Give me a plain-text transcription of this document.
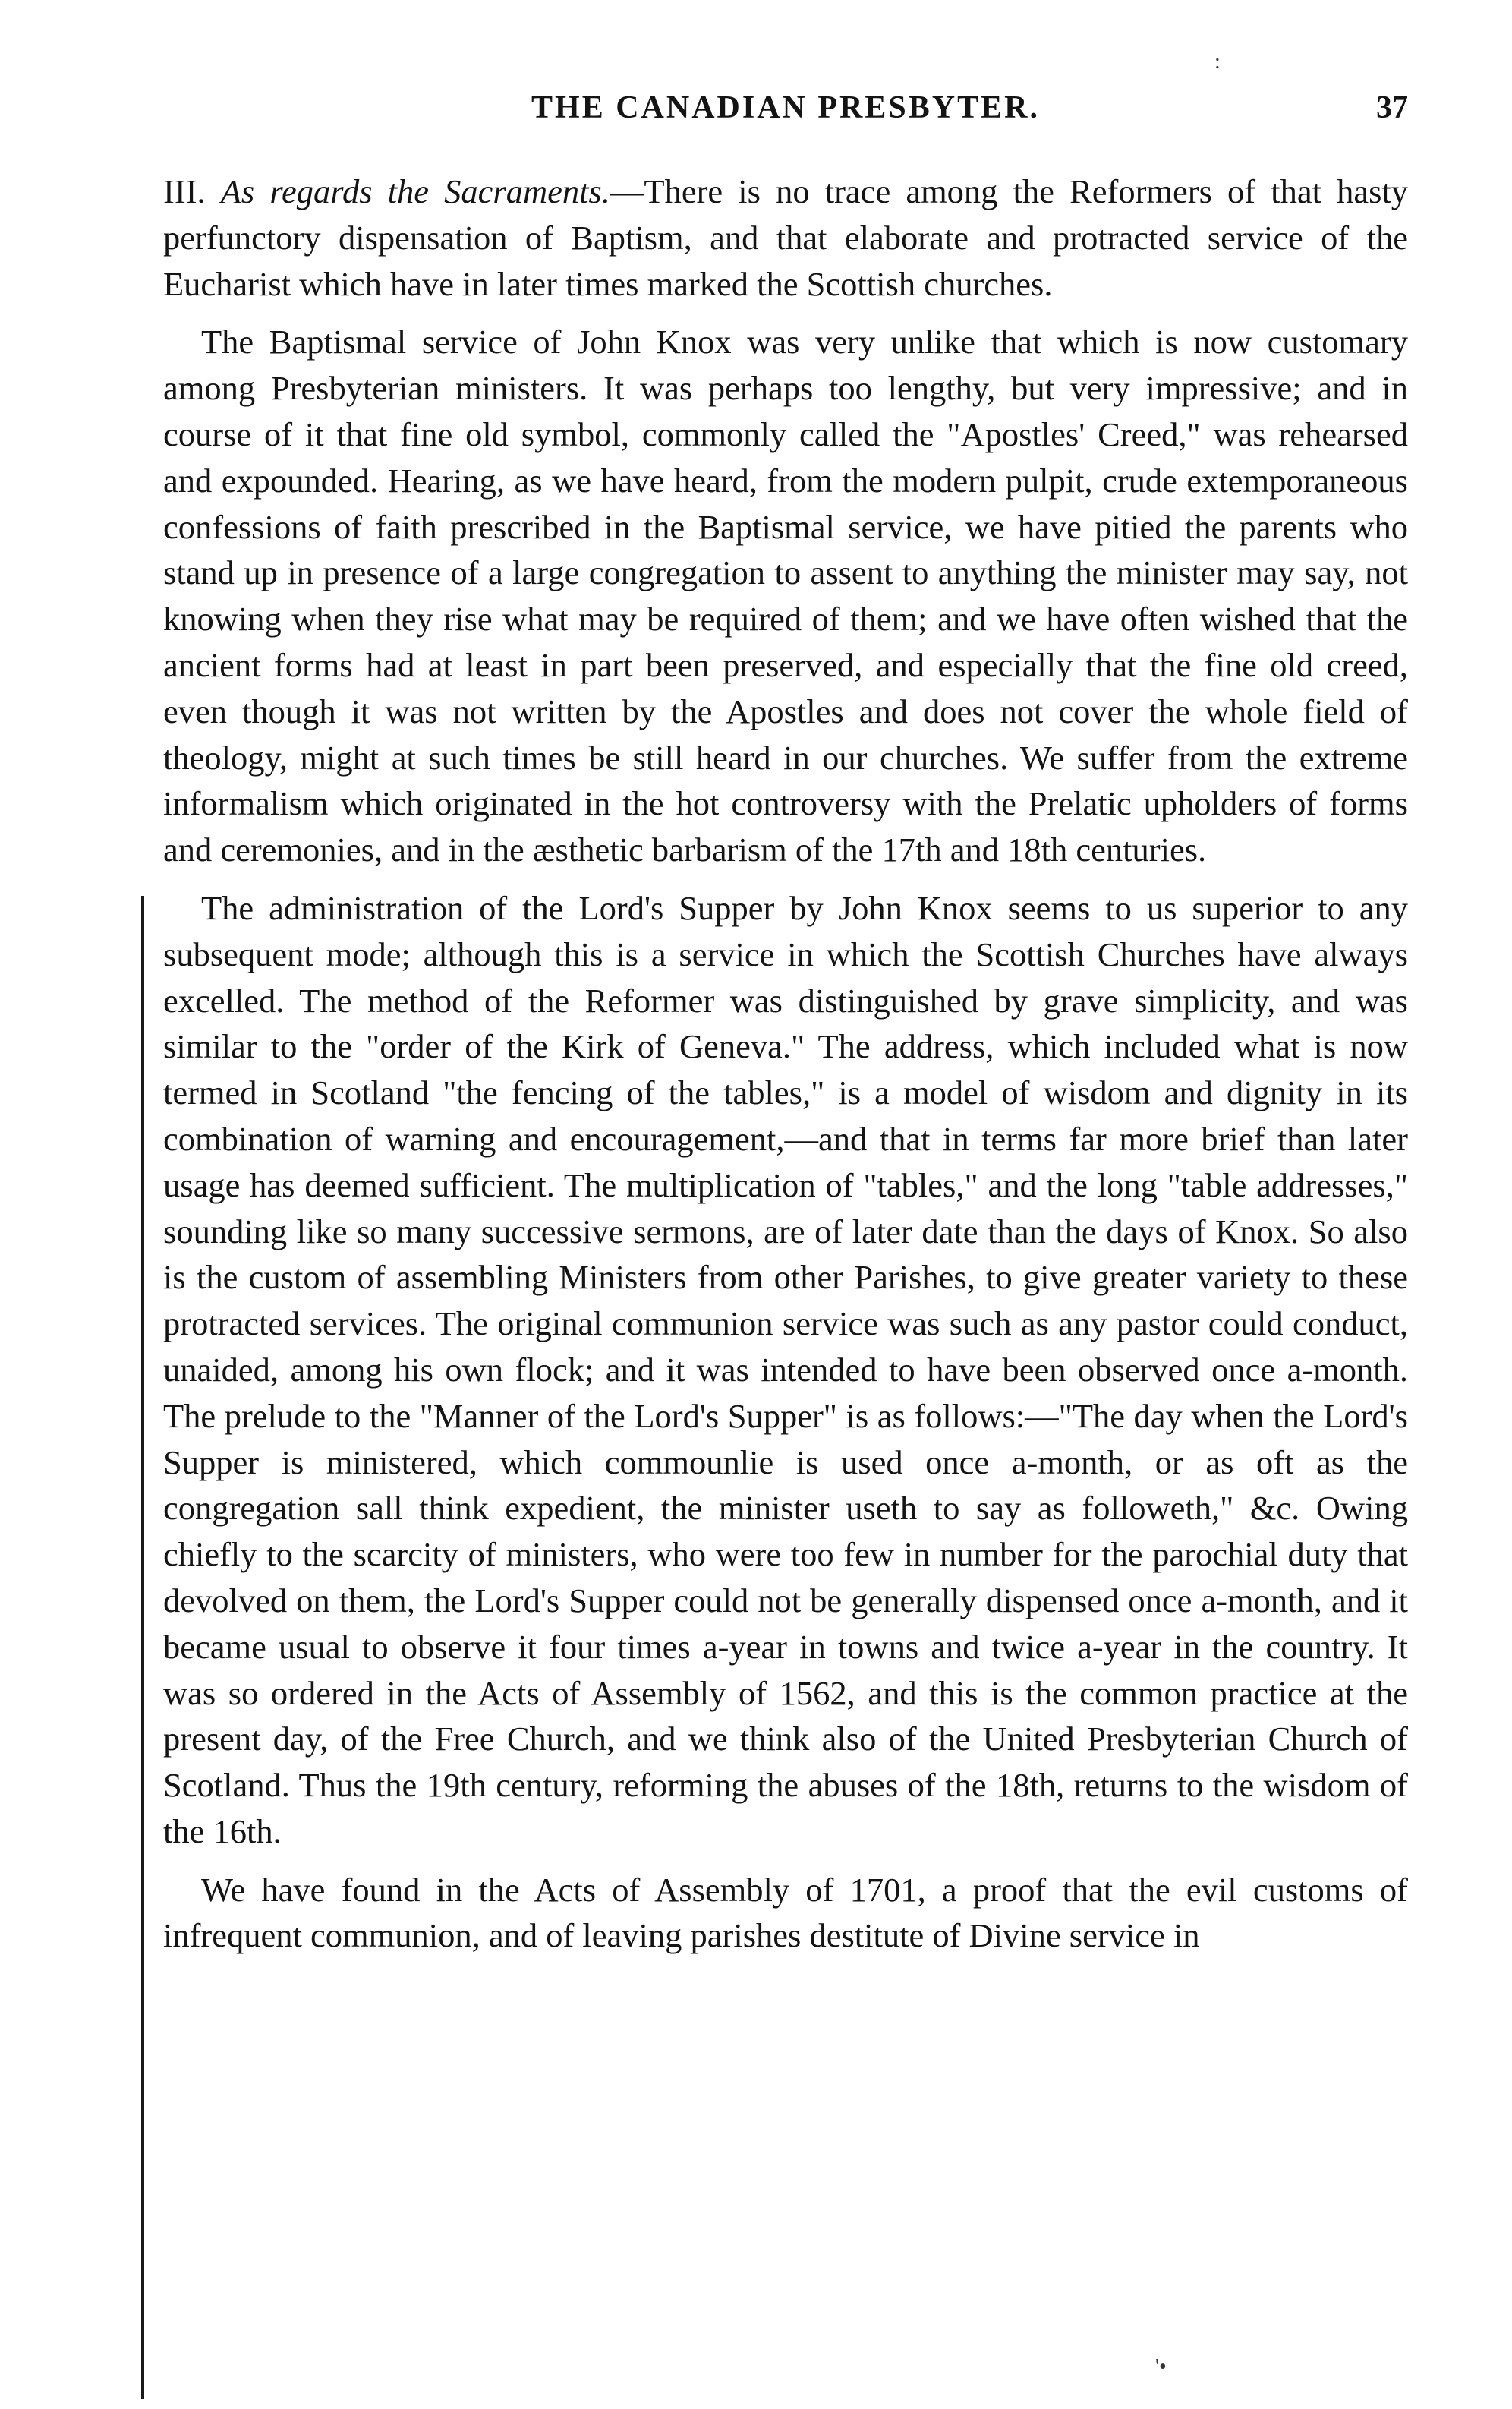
:
THE CANADIAN PRESBYTER.	37

III. As regards the Sacraments.—There is no trace among the Reformers of that hasty perfunctory dispensation of Baptism, and that elaborate and protracted service of the Eucharist which have in later times marked the Scottish churches.

The Baptismal service of John Knox was very unlike that which is now customary among Presbyterian ministers. It was perhaps too lengthy, but very impressive; and in course of it that fine old symbol, commonly called the "Apostles' Creed," was rehearsed and expounded. Hearing, as we have heard, from the modern pulpit, crude extemporaneous confessions of faith prescribed in the Baptismal service, we have pitied the parents who stand up in presence of a large congregation to assent to anything the minister may say, not knowing when they rise what may be required of them; and we have often wished that the ancient forms had at least in part been preserved, and especially that the fine old creed, even though it was not written by the Apostles and does not cover the whole field of theology, might at such times be still heard in our churches. We suffer from the extreme informalism which originated in the hot controversy with the Prelatic upholders of forms and ceremonies, and in the æsthetic barbarism of the 17th and 18th centuries.

The administration of the Lord's Supper by John Knox seems to us superior to any subsequent mode; although this is a service in which the Scottish Churches have always excelled. The method of the Reformer was distinguished by grave simplicity, and was similar to the "order of the Kirk of Geneva." The address, which included what is now termed in Scotland "the fencing of the tables," is a model of wisdom and dignity in its combination of warning and encouragement,—and that in terms far more brief than later usage has deemed sufficient. The multiplication of "tables," and the long "table addresses," sounding like so many successive sermons, are of later date than the days of Knox. So also is the custom of assembling Ministers from other Parishes, to give greater variety to these protracted services. The original communion service was such as any pastor could conduct, unaided, among his own flock; and it was intended to have been observed once a-month. The prelude to the "Manner of the Lord's Supper" is as follows:—"The day when the Lord's Supper is ministered, which commounlie is used once a-month, or as oft as the congregation sall think expedient, the minister useth to say as followeth," &c. Owing chiefly to the scarcity of ministers, who were too few in number for the parochial duty that devolved on them, the Lord's Supper could not be generally dispensed once a-month, and it became usual to observe it four times a-year in towns and twice a-year in the country. It was so ordered in the Acts of Assembly of 1562, and this is the common practice at the present day, of the Free Church, and we think also of the United Presbyterian Church of Scotland. Thus the 19th century, reforming the abuses of the 18th, returns to the wisdom of the 16th.

We have found in the Acts of Assembly of 1701, a proof that the evil customs of infrequent communion, and of leaving parishes destitute of Divine service in

'•
